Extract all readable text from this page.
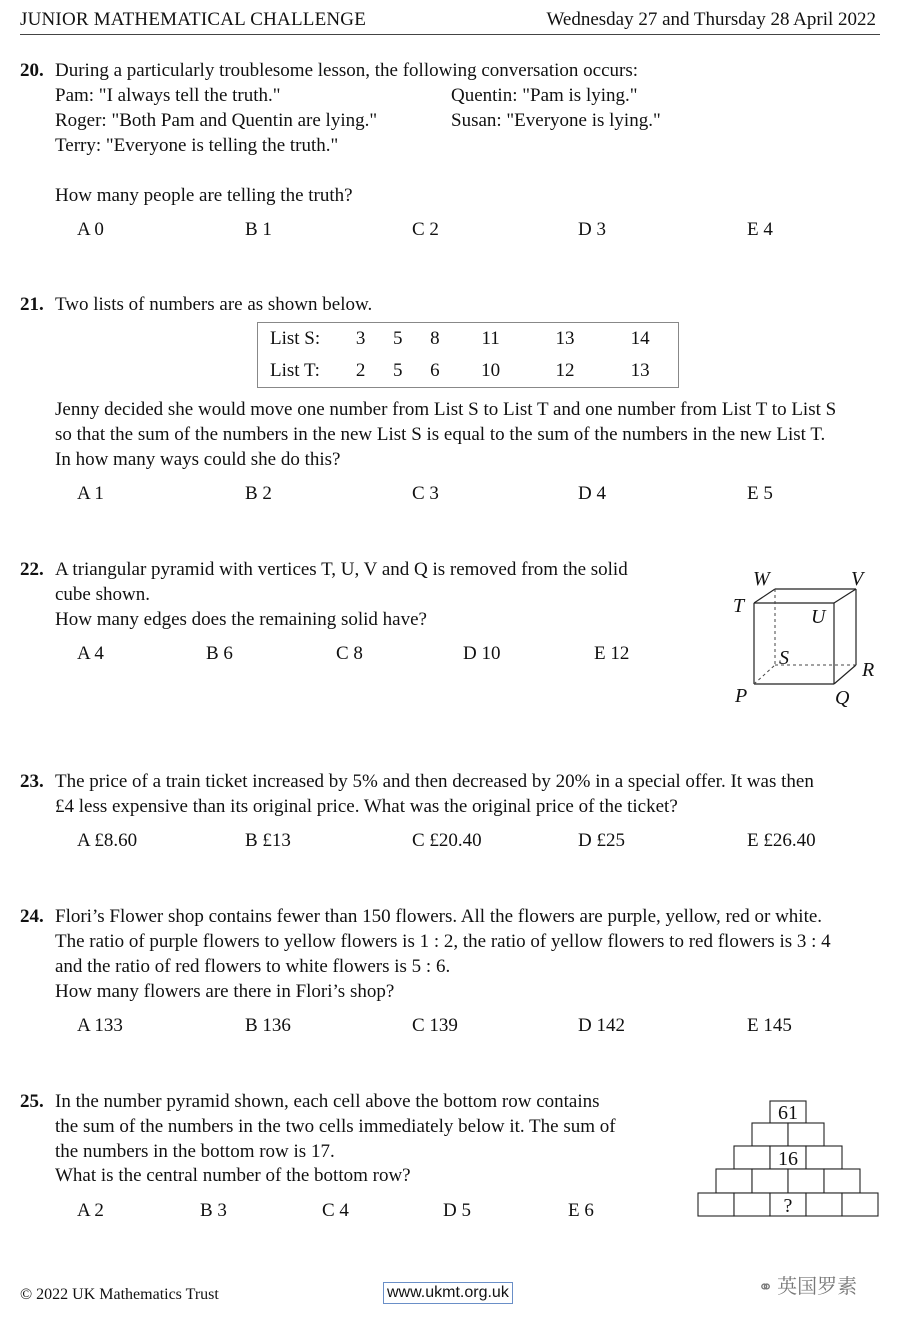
JUNIOR MATHEMATICAL CHALLENGE	Wednesday 27 and Thursday 28 April 2022
20. During a particularly troublesome lesson, the following conversation occurs:
Pam: "I always tell the truth."	Quentin: "Pam is lying."
Roger: "Both Pam and Quentin are lying."	Susan: "Everyone is lying."
Terry: "Everyone is telling the truth."
How many people are telling the truth?
A 0	B 1	C 2	D 3	E 4
21. Two lists of numbers are as shown below.
List S:	3	5	8	11	13	14
List T:	2	5	6	10	12	13
Jenny decided she would move one number from List S to List T and one number from List T to List S
so that the sum of the numbers in the new List S is equal to the sum of the numbers in the new List T.
In how many ways could she do this?
A 1	B 2	C 3	D 4	E 5
22. A triangular pyramid with vertices T, U, V and Q is removed from the solid
cube shown.
How many edges does the remaining solid have?
A 4	B 6	C 8	D 10	E 12
W	V
T	U
S
R
P	Q
23. The price of a train ticket increased by 5% and then decreased by 20% in a special offer. It was then
£4 less expensive than its original price. What was the original price of the ticket?
A £8.60	B £13	C £20.40	D £25	E £26.40
24. Flori’s Flower shop contains fewer than 150 flowers. All the flowers are purple, yellow, red or white.
The ratio of purple flowers to yellow flowers is 1 : 2, the ratio of yellow flowers to red flowers is 3 : 4
and the ratio of red flowers to white flowers is 5 : 6.
How many flowers are there in Flori’s shop?
A 133	B 136	C 139	D 142	E 145
25. In the number pyramid shown, each cell above the bottom row contains
the sum of the numbers in the two cells immediately below it. The sum of
the numbers in the bottom row is 17.
What is the central number of the bottom row?
A 2	B 3	C 4	D 5	E 6
61
16
?
© 2022 UK Mathematics Trust	www.ukmt.org.uk	⚭ 英国罗素
